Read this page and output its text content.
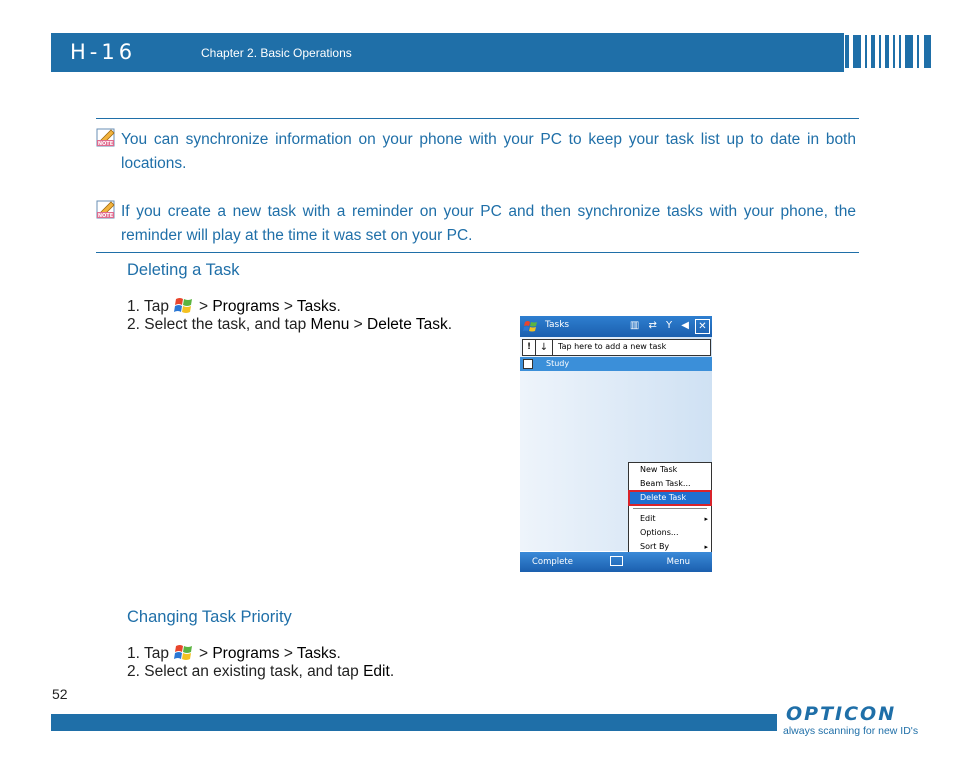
H-16	Chapter 2. Basic Operations
NOTE You can synchronize information on your phone with your PC to keep your task list up to date in both locations.
NOTE If you create a new task with a reminder on your PC and then synchronize tasks with your phone, the reminder will play at the time it was set on your PC.
Deleting a Task
1. Tap > Programs > Tasks.
2. Select the task, and tap Menu > Delete Task.	Tasks	▥ ⇄ Y ◀ ✕
! ↓	Tap here to add a new task
Study
New Task
Beam Task...
Delete Task
Edit	▸
Options...
Sort By	▸
Complete	Menu
Changing Task Priority
1. Tap > Programs > Tasks.
2. Select an existing task, and tap Edit.
52
OPTICON
always scanning for new ID's
